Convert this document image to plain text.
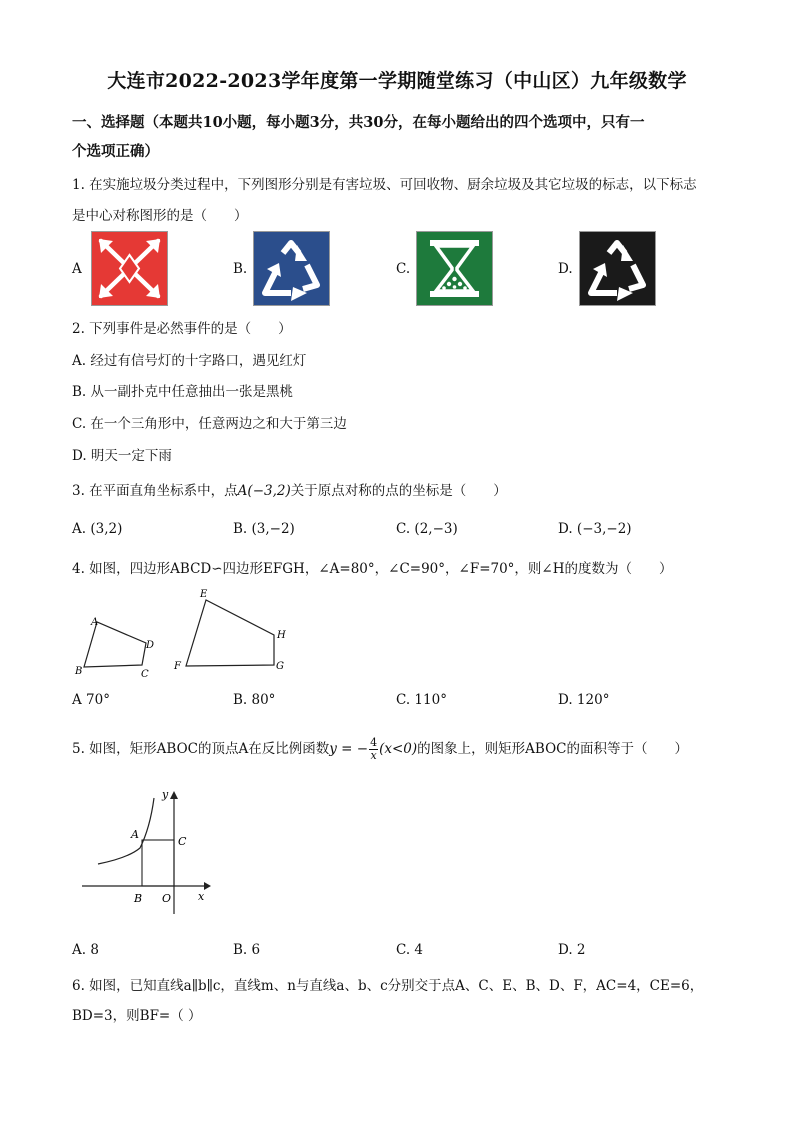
大连市2022-2023学年度第一学期随堂练习（中山区）九年级数学
一、选择题（本题共10小题，每小题3分，共30分，在每小题给出的四个选项中，只有一
个选项正确）
1. 在实施垃圾分类过程中，下列图形分别是有害垃圾、可回收物、厨余垃圾及其它垃圾的标志，以下标志
是中心对称图形的是（　　）
A	B.	C.	D.
2. 下列事件是必然事件的是（　　）
A. 经过有信号灯的十字路口，遇见红灯
B. 从一副扑克中任意抽出一张是黑桃
C. 在一个三角形中，任意两边之和大于第三边
D. 明天一定下雨
3. 在平面直角坐标系中，点A(−3,2)关于原点对称的点的坐标是（　　）
A. (3,2)	B. (3,−2)	C. (2,−3)	D. (−3,−2)
4. 如图，四边形ABCD∽四边形EFGH，∠A=80°，∠C=90°，∠F=70°，则∠H的度数为（　　）
A
B	C
D
E
F	G
H
A 70°	B. 80°	C. 110°	D. 120°
5. 如图，矩形ABOC的顶点A在反比例函数y = − $\frac{4}{x} (x<0)$的图象上，则矩形ABOC的面积等于（　　）
y
A
C
B O x
A. 8	B. 6	C. 4	D. 2
6. 如图，已知直线a∥b∥c，直线m、n与直线a、b、c分别交于点A、C、E、B、D、F，AC=4，CE=6，
BD=3，则BF=（ ）
